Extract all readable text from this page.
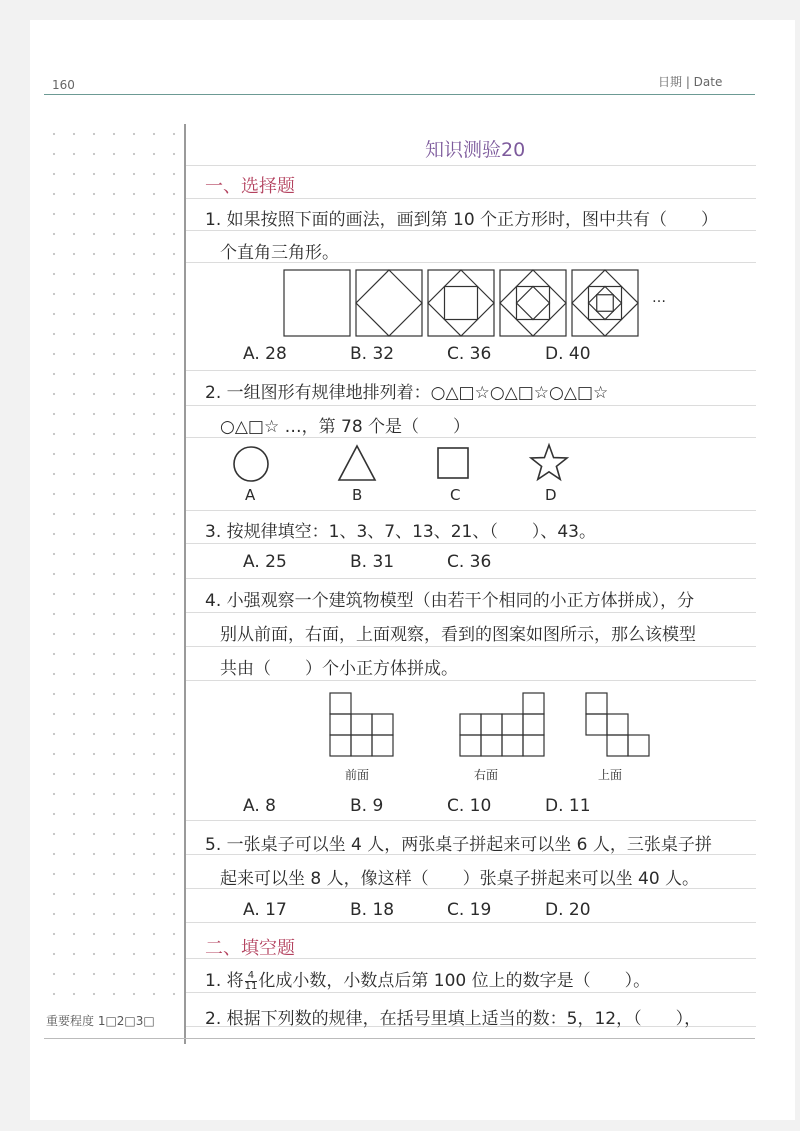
160	日期 | Date
知识测验20
一、选择题
1. 如果按照下面的画法，画到第 10 个正方形时，图中共有（　　）
个直角三角形。
…
A. 28	B. 32	C. 36	D. 40
2. 一组图形有规律地排列着：○△□☆○△□☆○△□☆
○△□☆ …，第 78 个是（　　）
A	B	C	D
3. 按规律填空：1、3、7、13、21、（　　）、43。
A. 25	B. 31	C. 36
4. 小强观察一个建筑物模型（由若干个相同的小正方体拼成），分
别从前面，右面，上面观察，看到的图案如图所示，那么该模型
共由（　　）个小正方体拼成。
前面	右面	上面
A. 8	B. 9	C. 10	D. 11
5. 一张桌子可以坐 4 人，两张桌子拼起来可以坐 6 人，三张桌子拼
起来可以坐 8 人，像这样（　　）张桌子拼起来可以坐 40 人。
A. 17	B. 18	C. 19	D. 20
二、填空题
1. 将 $\frac{4}{11}$ 化成小数，小数点后第 100 位上的数字是（　　）。
2. 根据下列数的规律，在括号里填上适当的数：5，12，（　　），
重要程度 1□2□3□
